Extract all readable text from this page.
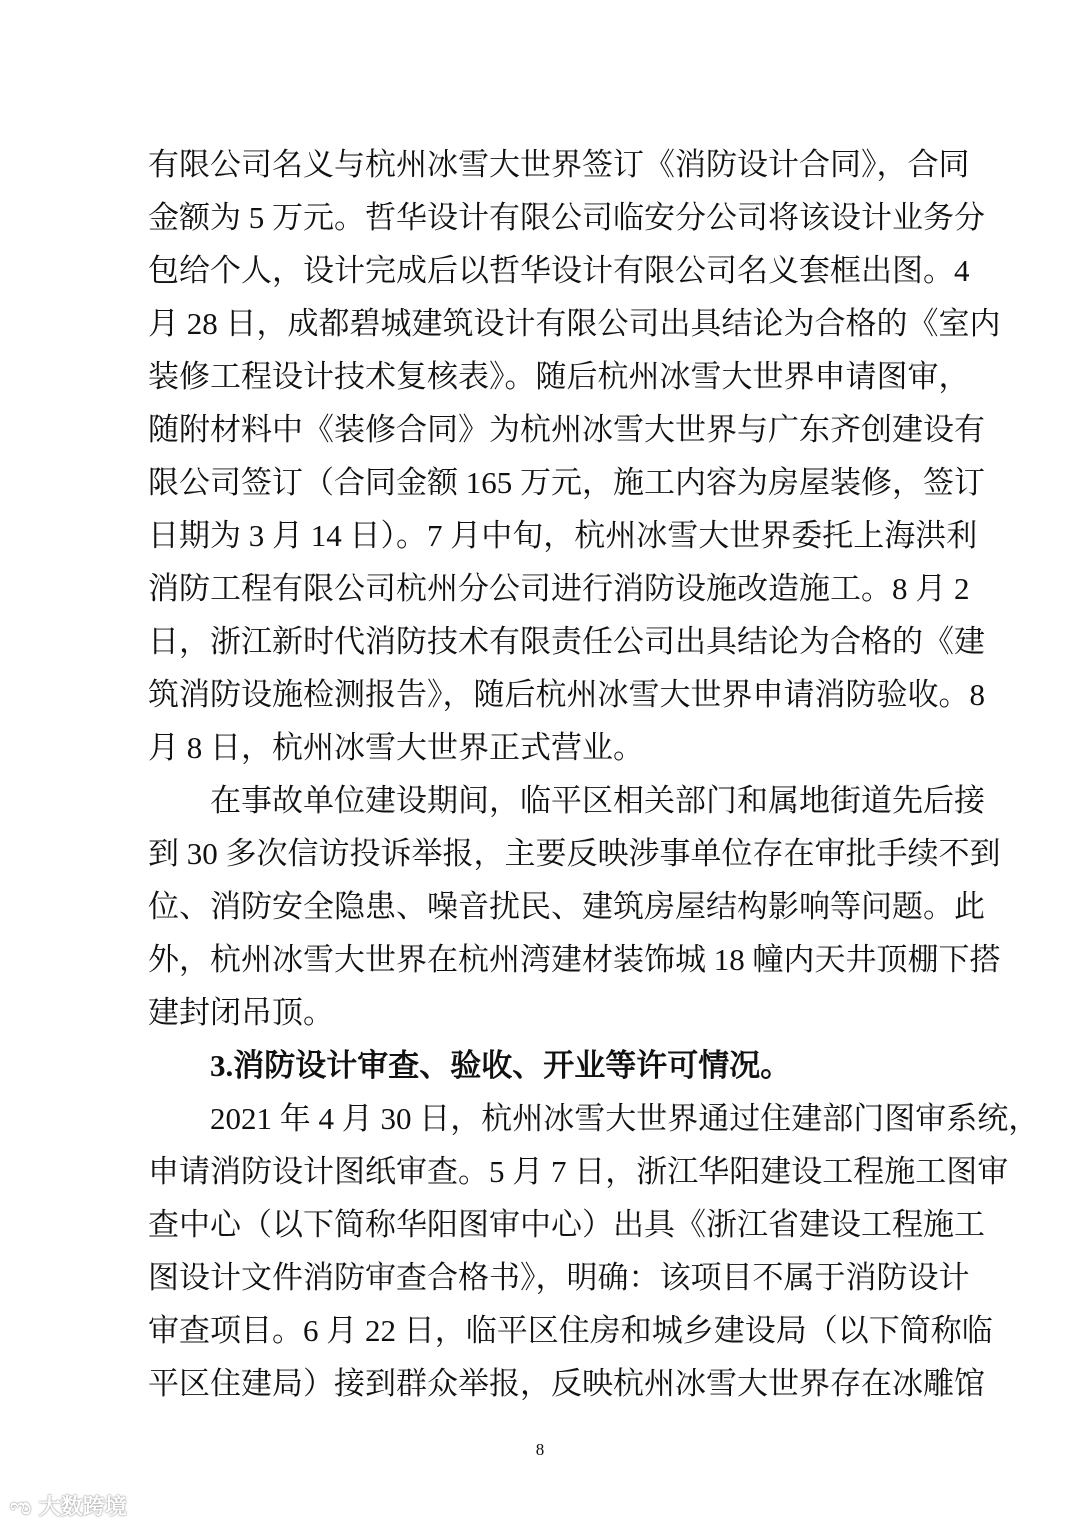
有限公司名义与杭州冰雪大世界签订《消防设计合同》，合同
金额为 5 万元。哲华设计有限公司临安分公司将该设计业务分
包给个人，设计完成后以哲华设计有限公司名义套框出图。4
月 28 日，成都碧城建筑设计有限公司出具结论为合格的《室内
装修工程设计技术复核表》。随后杭州冰雪大世界申请图审，
随附材料中《装修合同》为杭州冰雪大世界与广东齐创建设有
限公司签订（合同金额 165 万元，施工内容为房屋装修，签订
日期为 3 月 14 日）。7 月中旬，杭州冰雪大世界委托上海洪利
消防工程有限公司杭州分公司进行消防设施改造施工。8 月 2
日，浙江新时代消防技术有限责任公司出具结论为合格的《建
筑消防设施检测报告》，随后杭州冰雪大世界申请消防验收。8
月 8 日，杭州冰雪大世界正式营业。
　　在事故单位建设期间，临平区相关部门和属地街道先后接
到 30 多次信访投诉举报，主要反映涉事单位存在审批手续不到
位、消防安全隐患、噪音扰民、建筑房屋结构影响等问题。此
外，杭州冰雪大世界在杭州湾建材装饰城 18 幢内天井顶棚下搭
建封闭吊顶。
　　3.消防设计审查、验收、开业等许可情况。
　　2021 年 4 月 30 日，杭州冰雪大世界通过住建部门图审系统，
申请消防设计图纸审查。5 月 7 日，浙江华阳建设工程施工图审
查中心（以下简称华阳图审中心）出具《浙江省建设工程施工
图设计文件消防审查合格书》，明确：该项目不属于消防设计
审查项目。6 月 22 日，临平区住房和城乡建设局（以下简称临
平区住建局）接到群众举报，反映杭州冰雪大世界存在冰雕馆
8
ಌ 大数跨境
